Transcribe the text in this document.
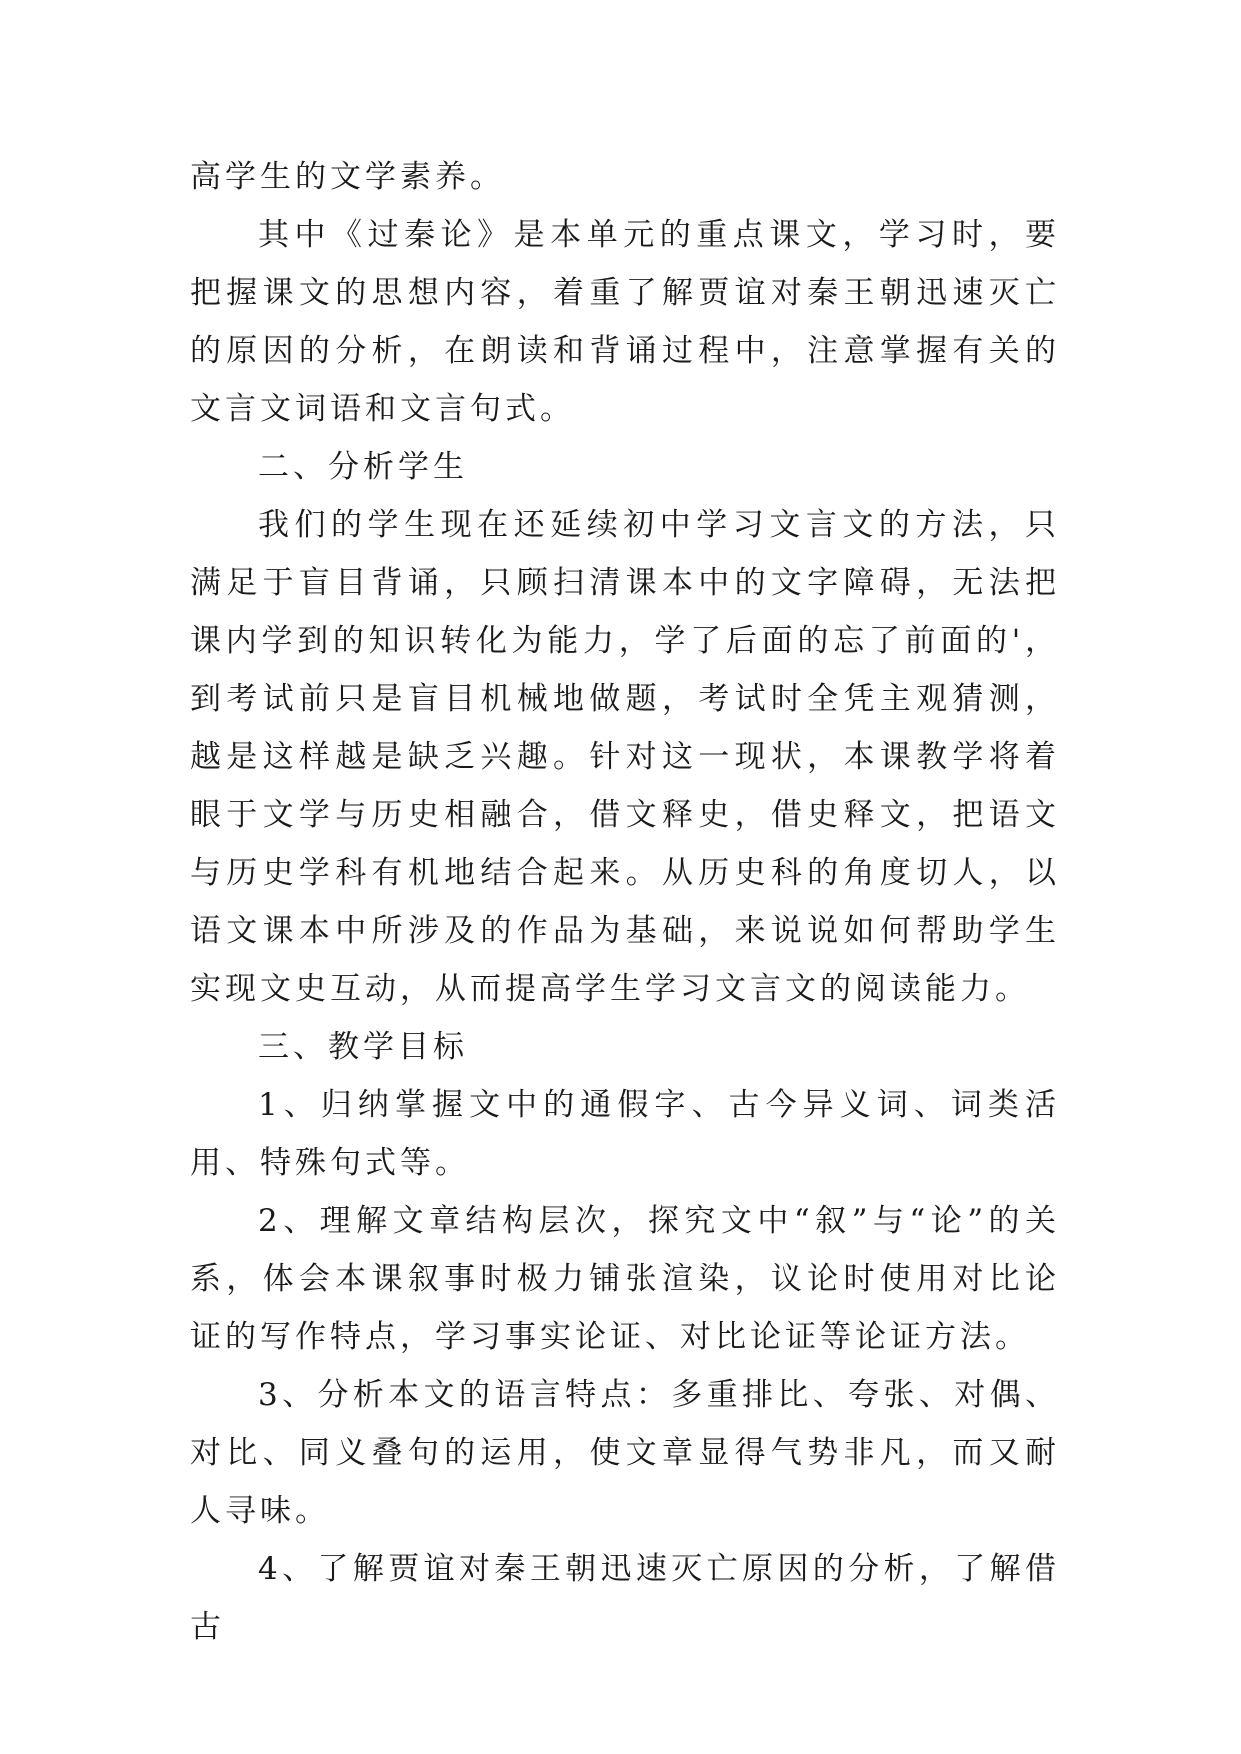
高学生的文学素养。

其中《过秦论》是本单元的重点课文，学习时，要把握课文的思想内容，着重了解贾谊对秦王朝迅速灭亡的原因的分析，在朗读和背诵过程中，注意掌握有关的文言文词语和文言句式。

二、分析学生

我们的学生现在还延续初中学习文言文的方法，只满足于盲目背诵，只顾扫清课本中的文字障碍，无法把课内学到的知识转化为能力，学了后面的忘了前面的'，到考试前只是盲目机械地做题，考试时全凭主观猜测，越是这样越是缺乏兴趣。针对这一现状，本课教学将着眼于文学与历史相融合，借文释史，借史释文，把语文与历史学科有机地结合起来。从历史科的角度切人，以语文课本中所涉及的作品为基础，来说说如何帮助学生实现文史互动，从而提高学生学习文言文的阅读能力。

三、教学目标

1、归纳掌握文中的通假字、古今异义词、词类活用、特殊句式等。

2、理解文章结构层次，探究文中“叙”与“论”的关系，体会本课叙事时极力铺张渲染，议论时使用对比论证的写作特点，学习事实论证、对比论证等论证方法。

3、分析本文的语言特点：多重排比、夸张、对偶、对比、同义叠句的运用，使文章显得气势非凡，而又耐人寻味。

4、了解贾谊对秦王朝迅速灭亡原因的分析，了解借古
